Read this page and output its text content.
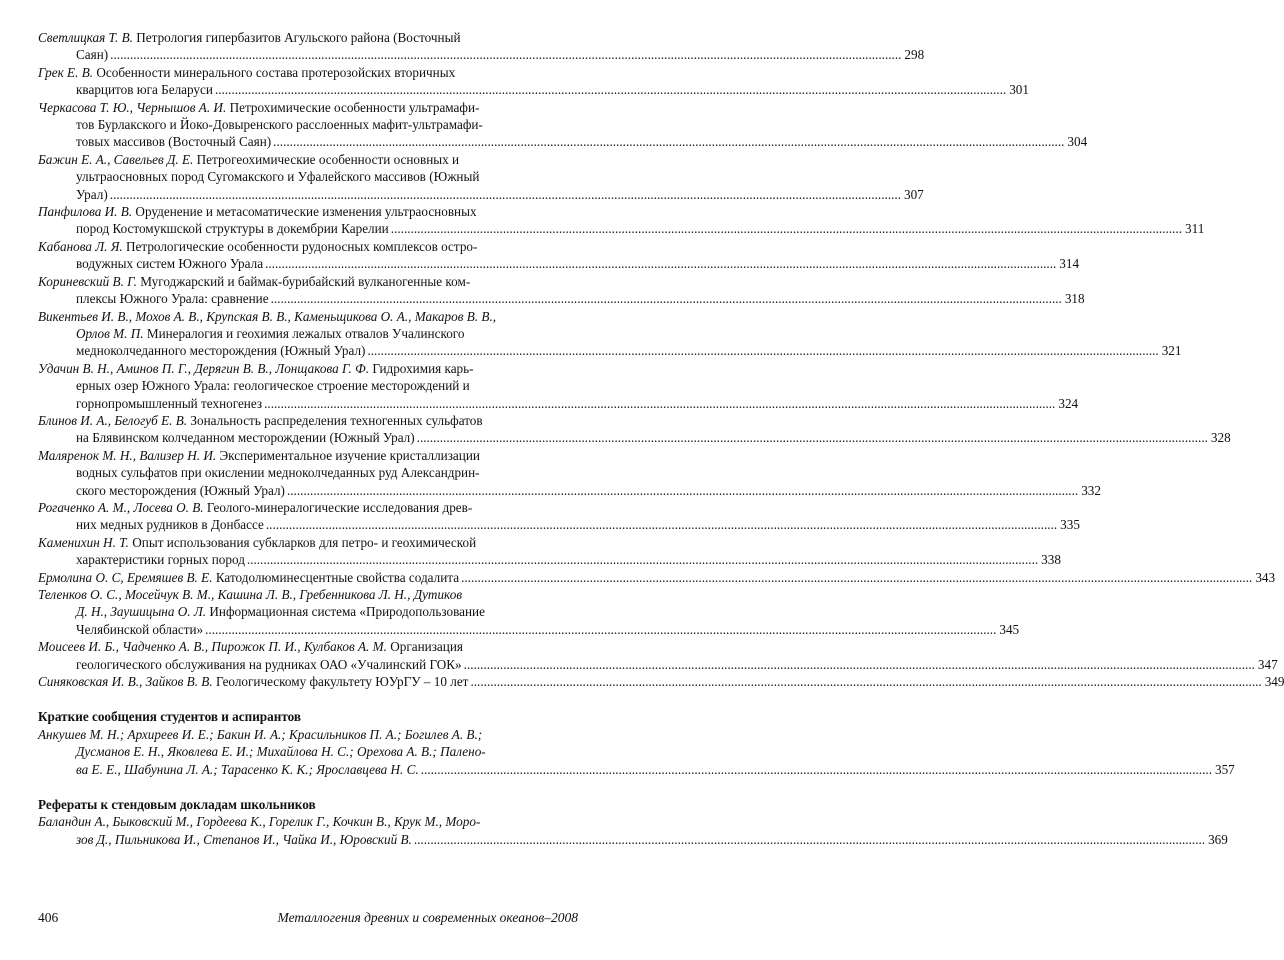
Светлицкая Т. В. Петрология гипербазитов Агульского района (Восточный
Саян) .....	298
Грек Е. В. Особенности минерального состава протерозойских вторичных
кварцитов юга Беларуси .....	301
Черкасова Т. Ю., Чернышов А. И. Петрохимические особенности ультрамафи-
тов Бурлакского и Йоко-Довыренского расслоенных мафит-ультрамафи-
товых массивов (Восточный Саян) .....	304
Бажин Е. А., Савельев Д. Е. Петрогеохимические особенности основных и
ультраосновных пород Сугомакского и Уфалейского массивов (Южный
Урал) .....	307
Панфилова И. В. Оруденение и метасоматические изменения ультраосновных
пород Костомукшской структуры в докембрии Карелии .....	311
Кабанова Л. Я. Петрологические особенности рудоносных комплексов остро-
водужных систем Южного Урала .....	314
Кориневский В. Г. Мугоджарский и баймак-бурибайский вулканогенные ком-
плексы Южного Урала: сравнение .....	318
Викентьев И. В., Мохов А. В., Крупская В. В., Каменьщикова О. А., Макаров В. В.,
Орлов М. П. Минералогия и геохимия лежалых отвалов Учалинского
медноколчеданного месторождения (Южный Урал) .....	321
Удачин В. Н., Аминов П. Г., Дерягин В. В., Лонщакова Г. Ф. Гидрохимия карь-
ерных озер Южного Урала: геологическое строение месторождений и
горнопромышленный техногенез .....	324
Блинов И. А., Белогуб Е. В. Зональность распределения техногенных сульфатов
на Блявинском колчеданном месторождении (Южный Урал) .....	328
Маляренок М. Н., Вализер Н. И. Экспериментальное изучение кристаллизации
водных сульфатов при окислении медноколчеданных руд Александрин-
ского месторождения (Южный Урал) .....	332
Рогаченко А. М., Лосева О. В. Геолого-минералогические исследования древ-
них медных рудников в Донбассе .....	335
Каменихин Н. Т. Опыт использования субкларков для петро- и геохимической
характеристики горных пород .....	338
Ермолина О. С, Еремяшев В. Е. Катодолюминесцентные свойства содалита .....	343
Теленков О. С., Мосейчук В. М., Кашина Л. В., Гребенникова Л. Н., Дутиков
Д. Н., Заушицына О. Л. Информационная система «Природопользование
Челябинской области» .....	345
Моисеев И. Б., Чадченко А. В., Пирожок П. И., Кулбаков А. М. Организация
геологического обслуживания на рудниках ОАО «Учалинский ГОК» .....	347
Синяковская И. В., Зайков В. В. Геологическому факультету ЮУрГУ – 10 лет .....	349
Краткие сообщения студентов и аспирантов
Анкушев М. Н.; Архиреев И. Е.; Бакин И. А.; Красильников П. А.; Богилев А. В.;
Дусманов Е. Н., Яковлева Е. И.; Михайлова Н. С.; Орехова А. В.; Палено-
ва Е. Е., Шабунина Л. А.; Тарасенко К. К.; Ярославцева Н. С. .....	357
Рефераты к стендовым докладам школьников
Баландин А., Быковский М., Гордеева К., Горелик Г., Кочкин В., Крук М., Моро-
зов Д., Пильникова И., Степанов И., Чайка И., Юровский В. .....	369
406	Металлогения древних и современных океанов–2008
